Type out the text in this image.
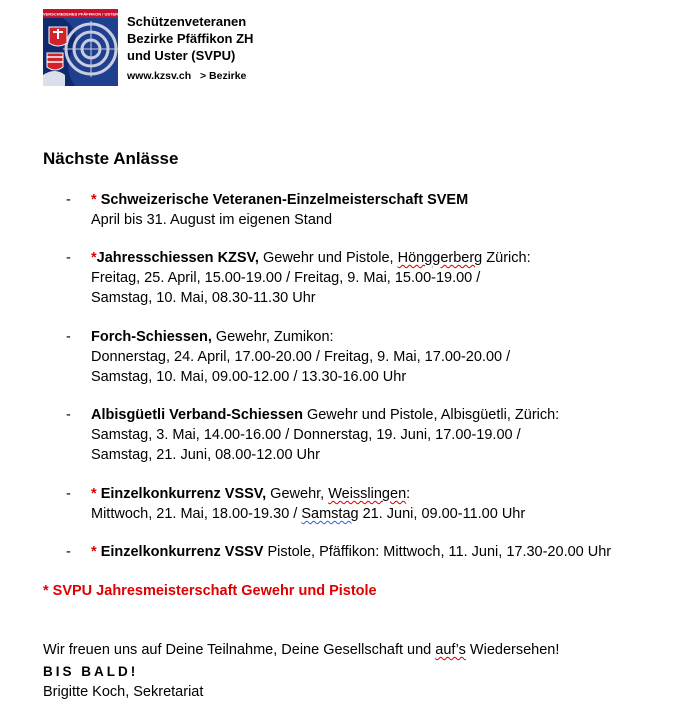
VERSCHIEDENES PFÄFFIKON / USTER
Schützenveteranen
Bezirke Pfäffikon ZH
und Uster (SVPU)
www.kzsv.ch > Bezirke
Nächste Anlässe
- * Schweizerische Veteranen-Einzelmeisterschaft SVEM
April bis 31. August im eigenen Stand
- *Jahresschiessen KZSV, Gewehr und Pistole, Hönggerberg Zürich:
Freitag, 25. April, 15.00-19.00 / Freitag, 9. Mai, 15.00-19.00 /
Samstag, 10. Mai, 08.30-11.30 Uhr
- Forch-Schiessen, Gewehr, Zumikon:
Donnerstag, 24. April, 17.00-20.00 / Freitag, 9. Mai, 17.00-20.00 /
Samstag, 10. Mai, 09.00-12.00 / 13.30-16.00 Uhr
- Albisgüetli Verband-Schiessen Gewehr und Pistole, Albisgüetli, Zürich:
Samstag, 3. Mai, 14.00-16.00 / Donnerstag, 19. Juni, 17.00-19.00 /
Samstag, 21. Juni, 08.00-12.00 Uhr
- * Einzelkonkurrenz VSSV, Gewehr, Weisslingen:
Mittwoch, 21. Mai, 18.00-19.30 / Samstag 21. Juni, 09.00-11.00 Uhr
- * Einzelkonkurrenz VSSV Pistole, Pfäffikon: Mittwoch, 11. Juni, 17.30-20.00 Uhr
* SVPU Jahresmeisterschaft Gewehr und Pistole
Wir freuen uns auf Deine Teilnahme, Deine Gesellschaft und auf’s Wiedersehen!
BIS BALD!
Brigitte Koch, Sekretariat
